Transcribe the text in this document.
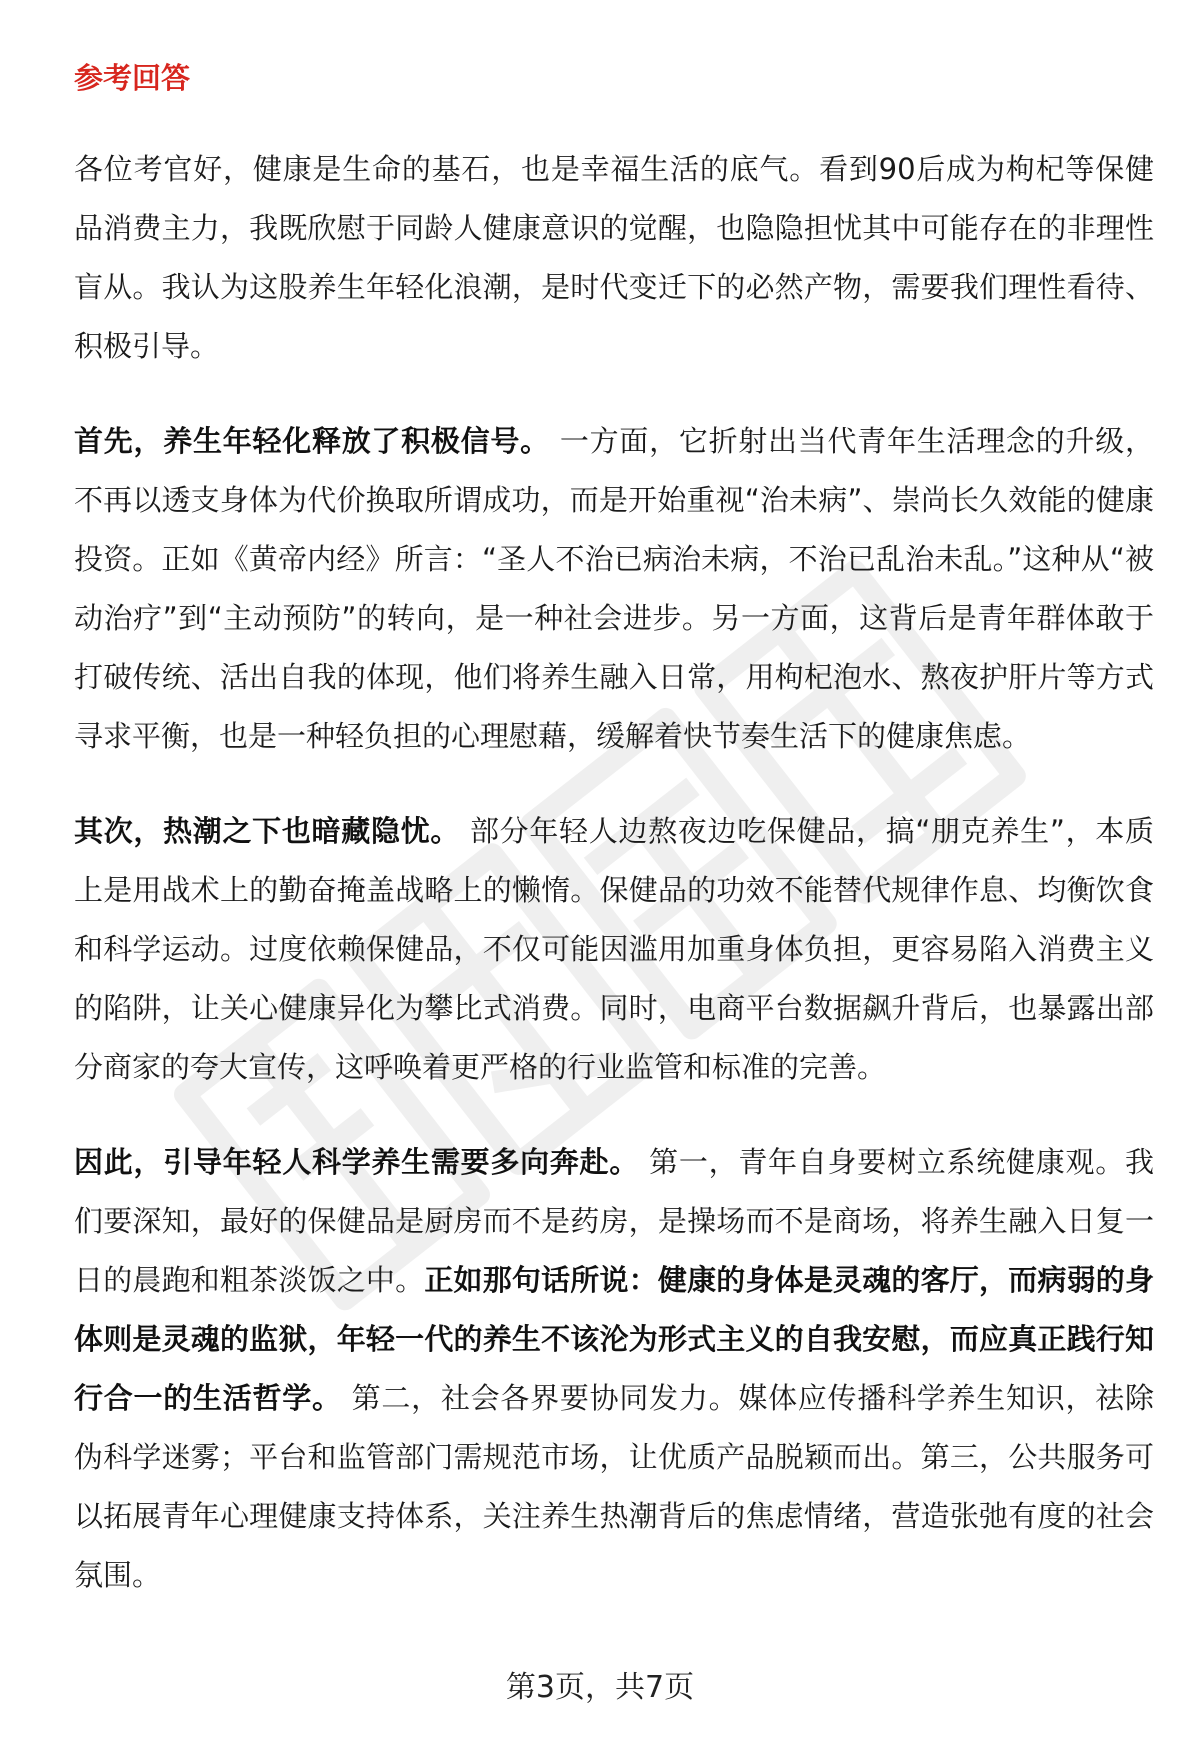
参考回答

各位考官好，健康是生命的基石，也是幸福生活的底气。看到90后成为枸杞等保健品消费主力，我既欣慰于同龄人健康意识的觉醒，也隐隐担忧其中可能存在的非理性盲从。我认为这股养生年轻化浪潮，是时代变迁下的必然产物，需要我们理性看待、积极引导。

首先，养生年轻化释放了积极信号。 一方面，它折射出当代青年生活理念的升级，不再以透支身体为代价换取所谓成功，而是开始重视“治未病”、崇尚长久效能的健康投资。正如《黄帝内经》所言：“圣人不治已病治未病，不治已乱治未乱。”这种从“被动治疗”到“主动预防”的转向，是一种社会进步。另一方面，这背后是青年群体敢于打破传统、活出自我的体现，他们将养生融入日常，用枸杞泡水、熬夜护肝片等方式寻求平衡，也是一种轻负担的心理慰藉，缓解着快节奏生活下的健康焦虑。

其次，热潮之下也暗藏隐忧。 部分年轻人边熬夜边吃保健品，搞“朋克养生”，本质上是用战术上的勤奋掩盖战略上的懒惰。保健品的功效不能替代规律作息、均衡饮食和科学运动。过度依赖保健品，不仅可能因滥用加重身体负担，更容易陷入消费主义的陷阱，让关心健康异化为攀比式消费。同时，电商平台数据飙升背后，也暴露出部分商家的夸大宣传，这呼唤着更严格的行业监管和标准的完善。

因此，引导年轻人科学养生需要多向奔赴。 第一，青年自身要树立系统健康观。我们要深知，最好的保健品是厨房而不是药房，是操场而不是商场，将养生融入日复一日的晨跑和粗茶淡饭之中。正如那句话所说：健康的身体是灵魂的客厅，而病弱的身体则是灵魂的监狱，年轻一代的养生不该沦为形式主义的自我安慰，而应真正践行知行合一的生活哲学。 第二，社会各界要协同发力。媒体应传播科学养生知识，祛除伪科学迷雾；平台和监管部门需规范市场，让优质产品脱颖而出。第三，公共服务可以拓展青年心理健康支持体系，关注养生热潮背后的焦虑情绪，营造张弛有度的社会氛围。

第3页，共7页
